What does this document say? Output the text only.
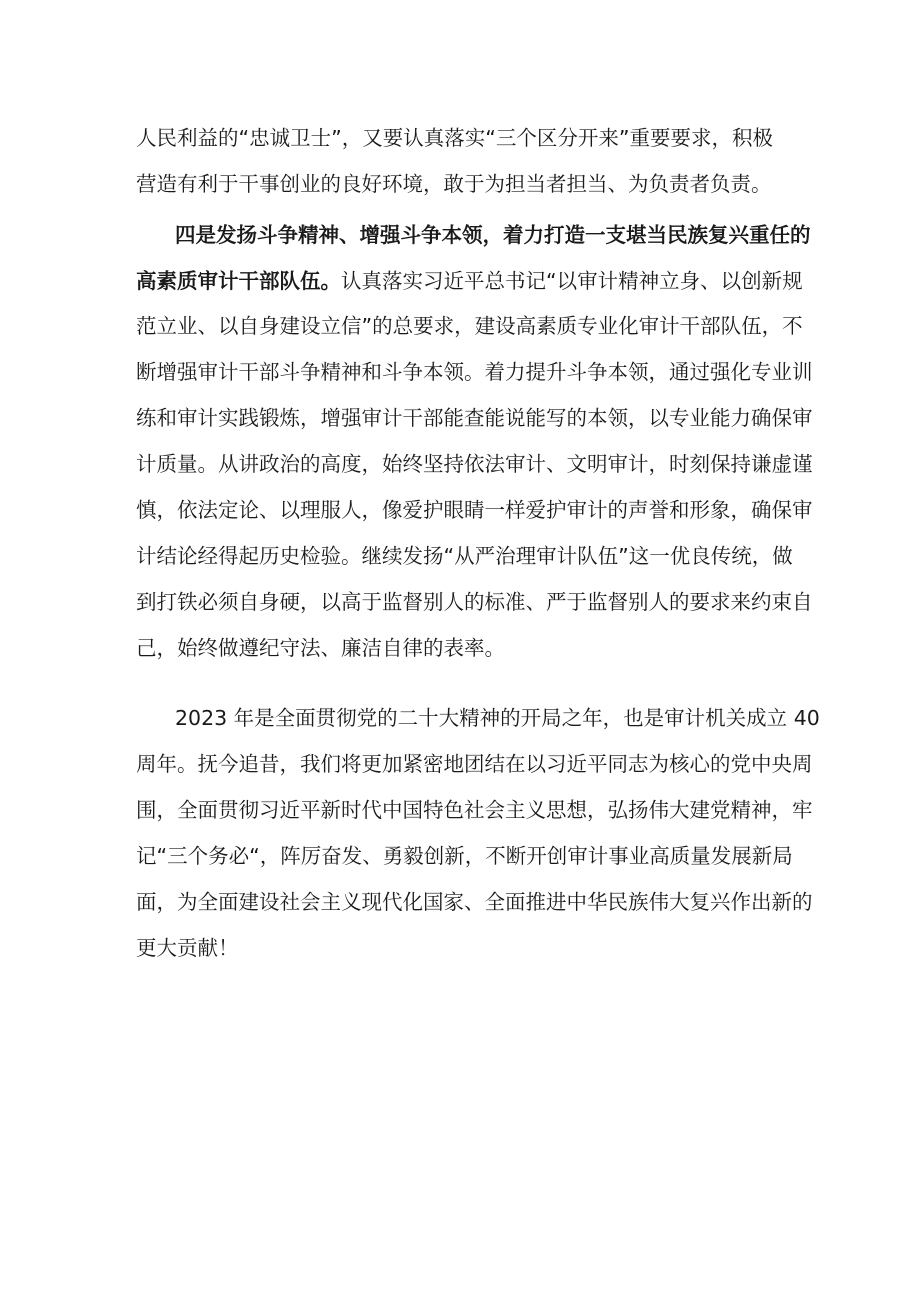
人民利益的“忠诚卫士”，又要认真落实“三个区分开来”重要要求，积极

营造有利于干事创业的良好环境，敢于为担当者担当、为负责者负责。

四是发扬斗争精神、增强斗争本领，着力打造一支堪当民族复兴重任的

高素质审计干部队伍。认真落实习近平总书记“以审计精神立身、以创新规

范立业、以自身建设立信”的总要求，建设高素质专业化审计干部队伍，不

断增强审计干部斗争精神和斗争本领。着力提升斗争本领，通过强化专业训

练和审计实践锻炼，增强审计干部能查能说能写的本领，以专业能力确保审

计质量。从讲政治的高度，始终坚持依法审计、文明审计，时刻保持谦虚谨

慎，依法定论、以理服人，像爱护眼睛一样爱护审计的声誉和形象，确保审

计结论经得起历史检验。继续发扬“从严治理审计队伍”这一优良传统，做

到打铁必须自身硬，以高于监督别人的标准、严于监督别人的要求来约束自

己，始终做遵纪守法、廉洁自律的表率。

2023 年是全面贯彻党的二十大精神的开局之年，也是审计机关成立 40

周年。抚今追昔，我们将更加紧密地团结在以习近平同志为核心的党中央周

围，全面贯彻习近平新时代中国特色社会主义思想，弘扬伟大建党精神，牢

记“三个务必“，阵厉奋发、勇毅创新，不断开创审计事业高质量发展新局

面，为全面建设社会主义现代化国家、全面推进中华民族伟大复兴作出新的

更大贡献！
